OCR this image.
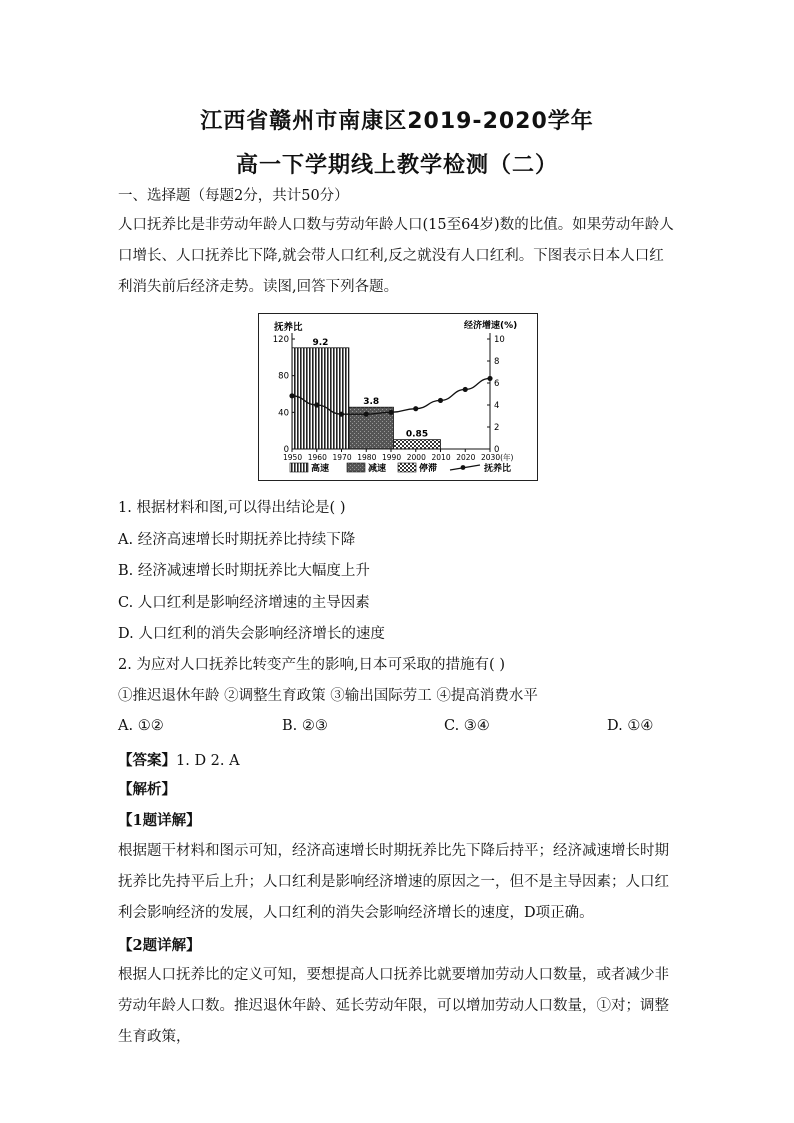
江西省赣州市南康区2019-2020学年
高一下学期线上教学检测（二）
一、选择题（每题2分，共计50分）
人口抚养比是非劳动年龄人口数与劳动年龄人口(15至64岁)数的比值。如果劳动年龄人口增长、人口抚养比下降,就会带人口红利,反之就没有人口红利。下图表示日本人口红利消失前后经济走势。读图,回答下列各题。
抚养比	经济增速(%)
9.2
3.8
0.85
120
80
40
0
10
8
6
4
2
0
1950 1960 1970 1980 1990 2000 2010 2020 2030(年)
高速	减速	停滞	抚养比
1. 根据材料和图,可以得出结论是( )
A. 经济高速增长时期抚养比持续下降
B. 经济减速增长时期抚养比大幅度上升
C. 人口红利是影响经济增速的主导因素
D. 人口红利的消失会影响经济增长的速度
2. 为应对人口抚养比转变产生的影响,日本可采取的措施有( )
①推迟退休年龄 ②调整生育政策 ③输出国际劳工 ④提高消费水平
A. ①②	B. ②③	C. ③④	D. ①④
【答案】1. D 2. A
【解析】
【1题详解】
根据题干材料和图示可知，经济高速增长时期抚养比先下降后持平；经济减速增长时期抚养比先持平后上升；人口红利是影响经济增速的原因之一，但不是主导因素；人口红利会影响经济的发展，人口红利的消失会影响经济增长的速度，D项正确。
【2题详解】
根据人口抚养比的定义可知，要想提高人口抚养比就要增加劳动人口数量，或者减少非劳动年龄人口数。推迟退休年龄、延长劳动年限，可以增加劳动人口数量，①对；调整生育政策，
